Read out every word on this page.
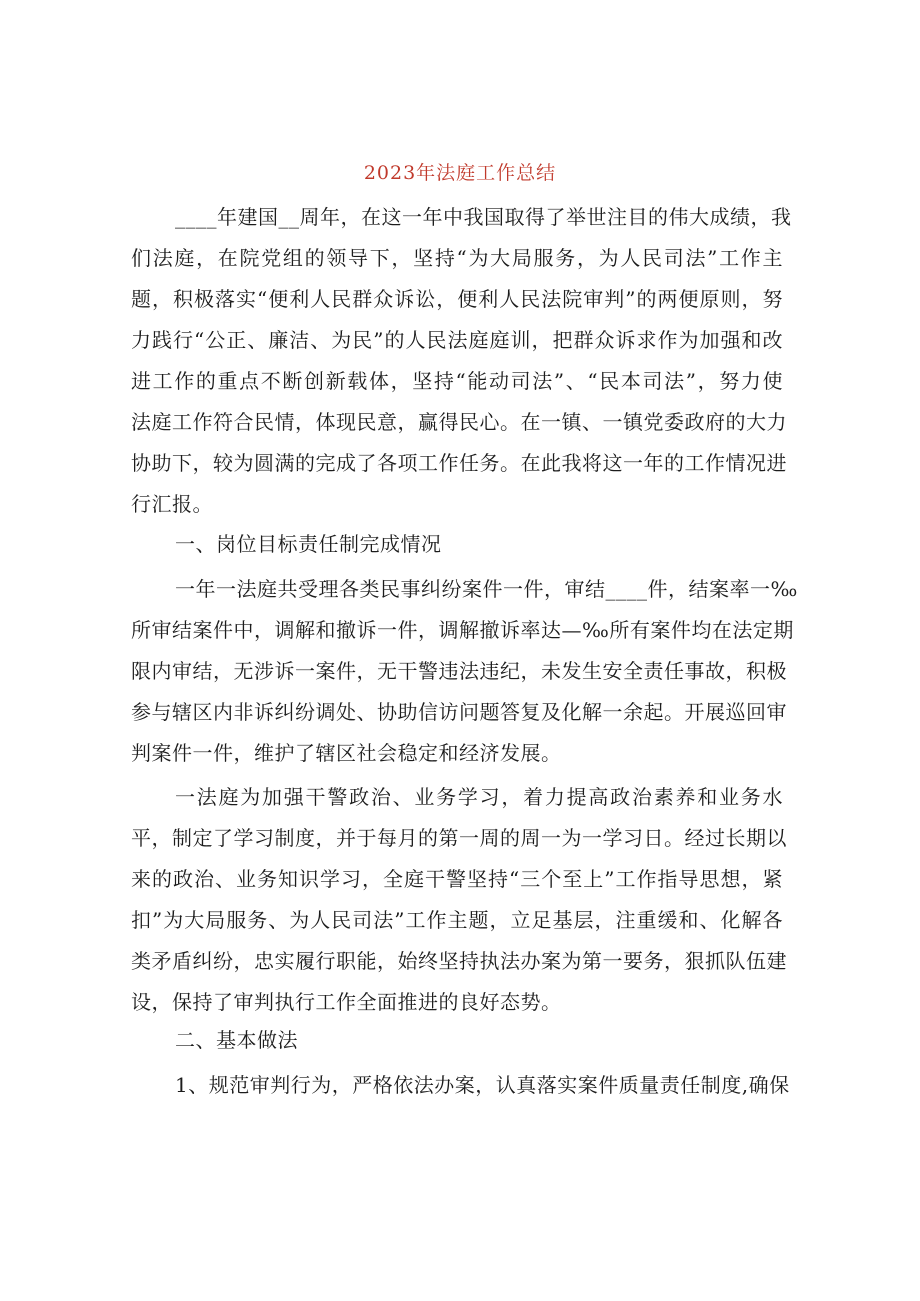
2023年法庭工作总结
____年建国__周年，在这一年中我国取得了举世注目的伟大成绩，我
们法庭，在院党组的领导下，坚持“为大局服务，为人民司法”工作主
题，积极落实“便利人民群众诉讼，便利人民法院审判”的两便原则，努
力践行“公正、廉洁、为民”的人民法庭庭训，把群众诉求作为加强和改
进工作的重点不断创新载体，坚持“能动司法”、“民本司法”，努力使
法庭工作符合民情，体现民意，赢得民心。在一镇、一镇党委政府的大力
协助下，较为圆满的完成了各项工作任务。在此我将这一年的工作情况进
行汇报。
一、岗位目标责任制完成情况
一年一法庭共受理各类民事纠纷案件一件，审结____件，结案率一‰
所审结案件中，调解和撤诉一件，调解撤诉率达—‰所有案件均在法定期
限内审结，无涉诉一案件，无干警违法违纪，未发生安全责任事故，积极
参与辖区内非诉纠纷调处、协助信访问题答复及化解一余起。开展巡回审
判案件一件，维护了辖区社会稳定和经济发展。
一法庭为加强干警政治、业务学习，着力提高政治素养和业务水
平，制定了学习制度，并于每月的第一周的周一为一学习日。经过长期以
来的政治、业务知识学习，全庭干警坚持“三个至上”工作指导思想，紧
扣”为大局服务、为人民司法”工作主题，立足基层，注重缓和、化解各
类矛盾纠纷，忠实履行职能，始终坚持执法办案为第一要务，狠抓队伍建
设，保持了审判执行工作全面推进的良好态势。
二、基本做法
1、规范审判行为，严格依法办案，认真落实案件质量责任制度,确保
